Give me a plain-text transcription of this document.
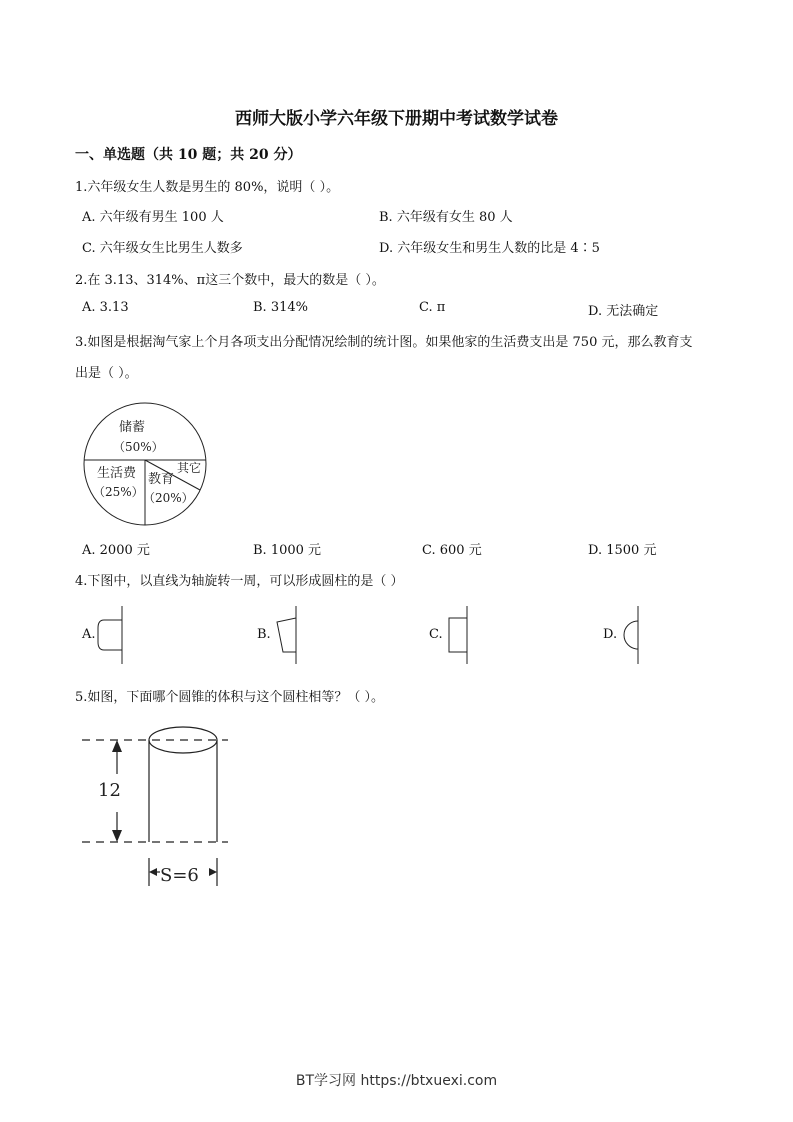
西师大版小学六年级下册期中考试数学试卷
一、单选题（共 10 题；共 20 分）
1.六年级女生人数是男生的 80%，说明（ ）。
A. 六年级有男生 100 人	B. 六年级有女生 80 人
C. 六年级女生比男生人数多	D. 六年级女生和男生人数的比是 4∶5
2.在 3.13、314%、π这三个数中，最大的数是（ ）。
A. 3.13	B. 314%	C. π	D. 无法确定
3.如图是根据淘气家上个月各项支出分配情况绘制的统计图。如果他家的生活费支出是 750 元，那么教育支
出是（ ）。
储蓄
（50%）
生活费
（25%）
教育
（20%）
其它
A. 2000 元	B. 1000 元	C. 600 元	D. 1500 元
4.下图中，以直线为轴旋转一周，可以形成圆柱的是（ ）
A.	B.	C.	D.
5.如图，下面哪个圆锥的体积与这个圆柱相等？（ ）。
12
S=6
BT学习网 https://btxuexi.com
